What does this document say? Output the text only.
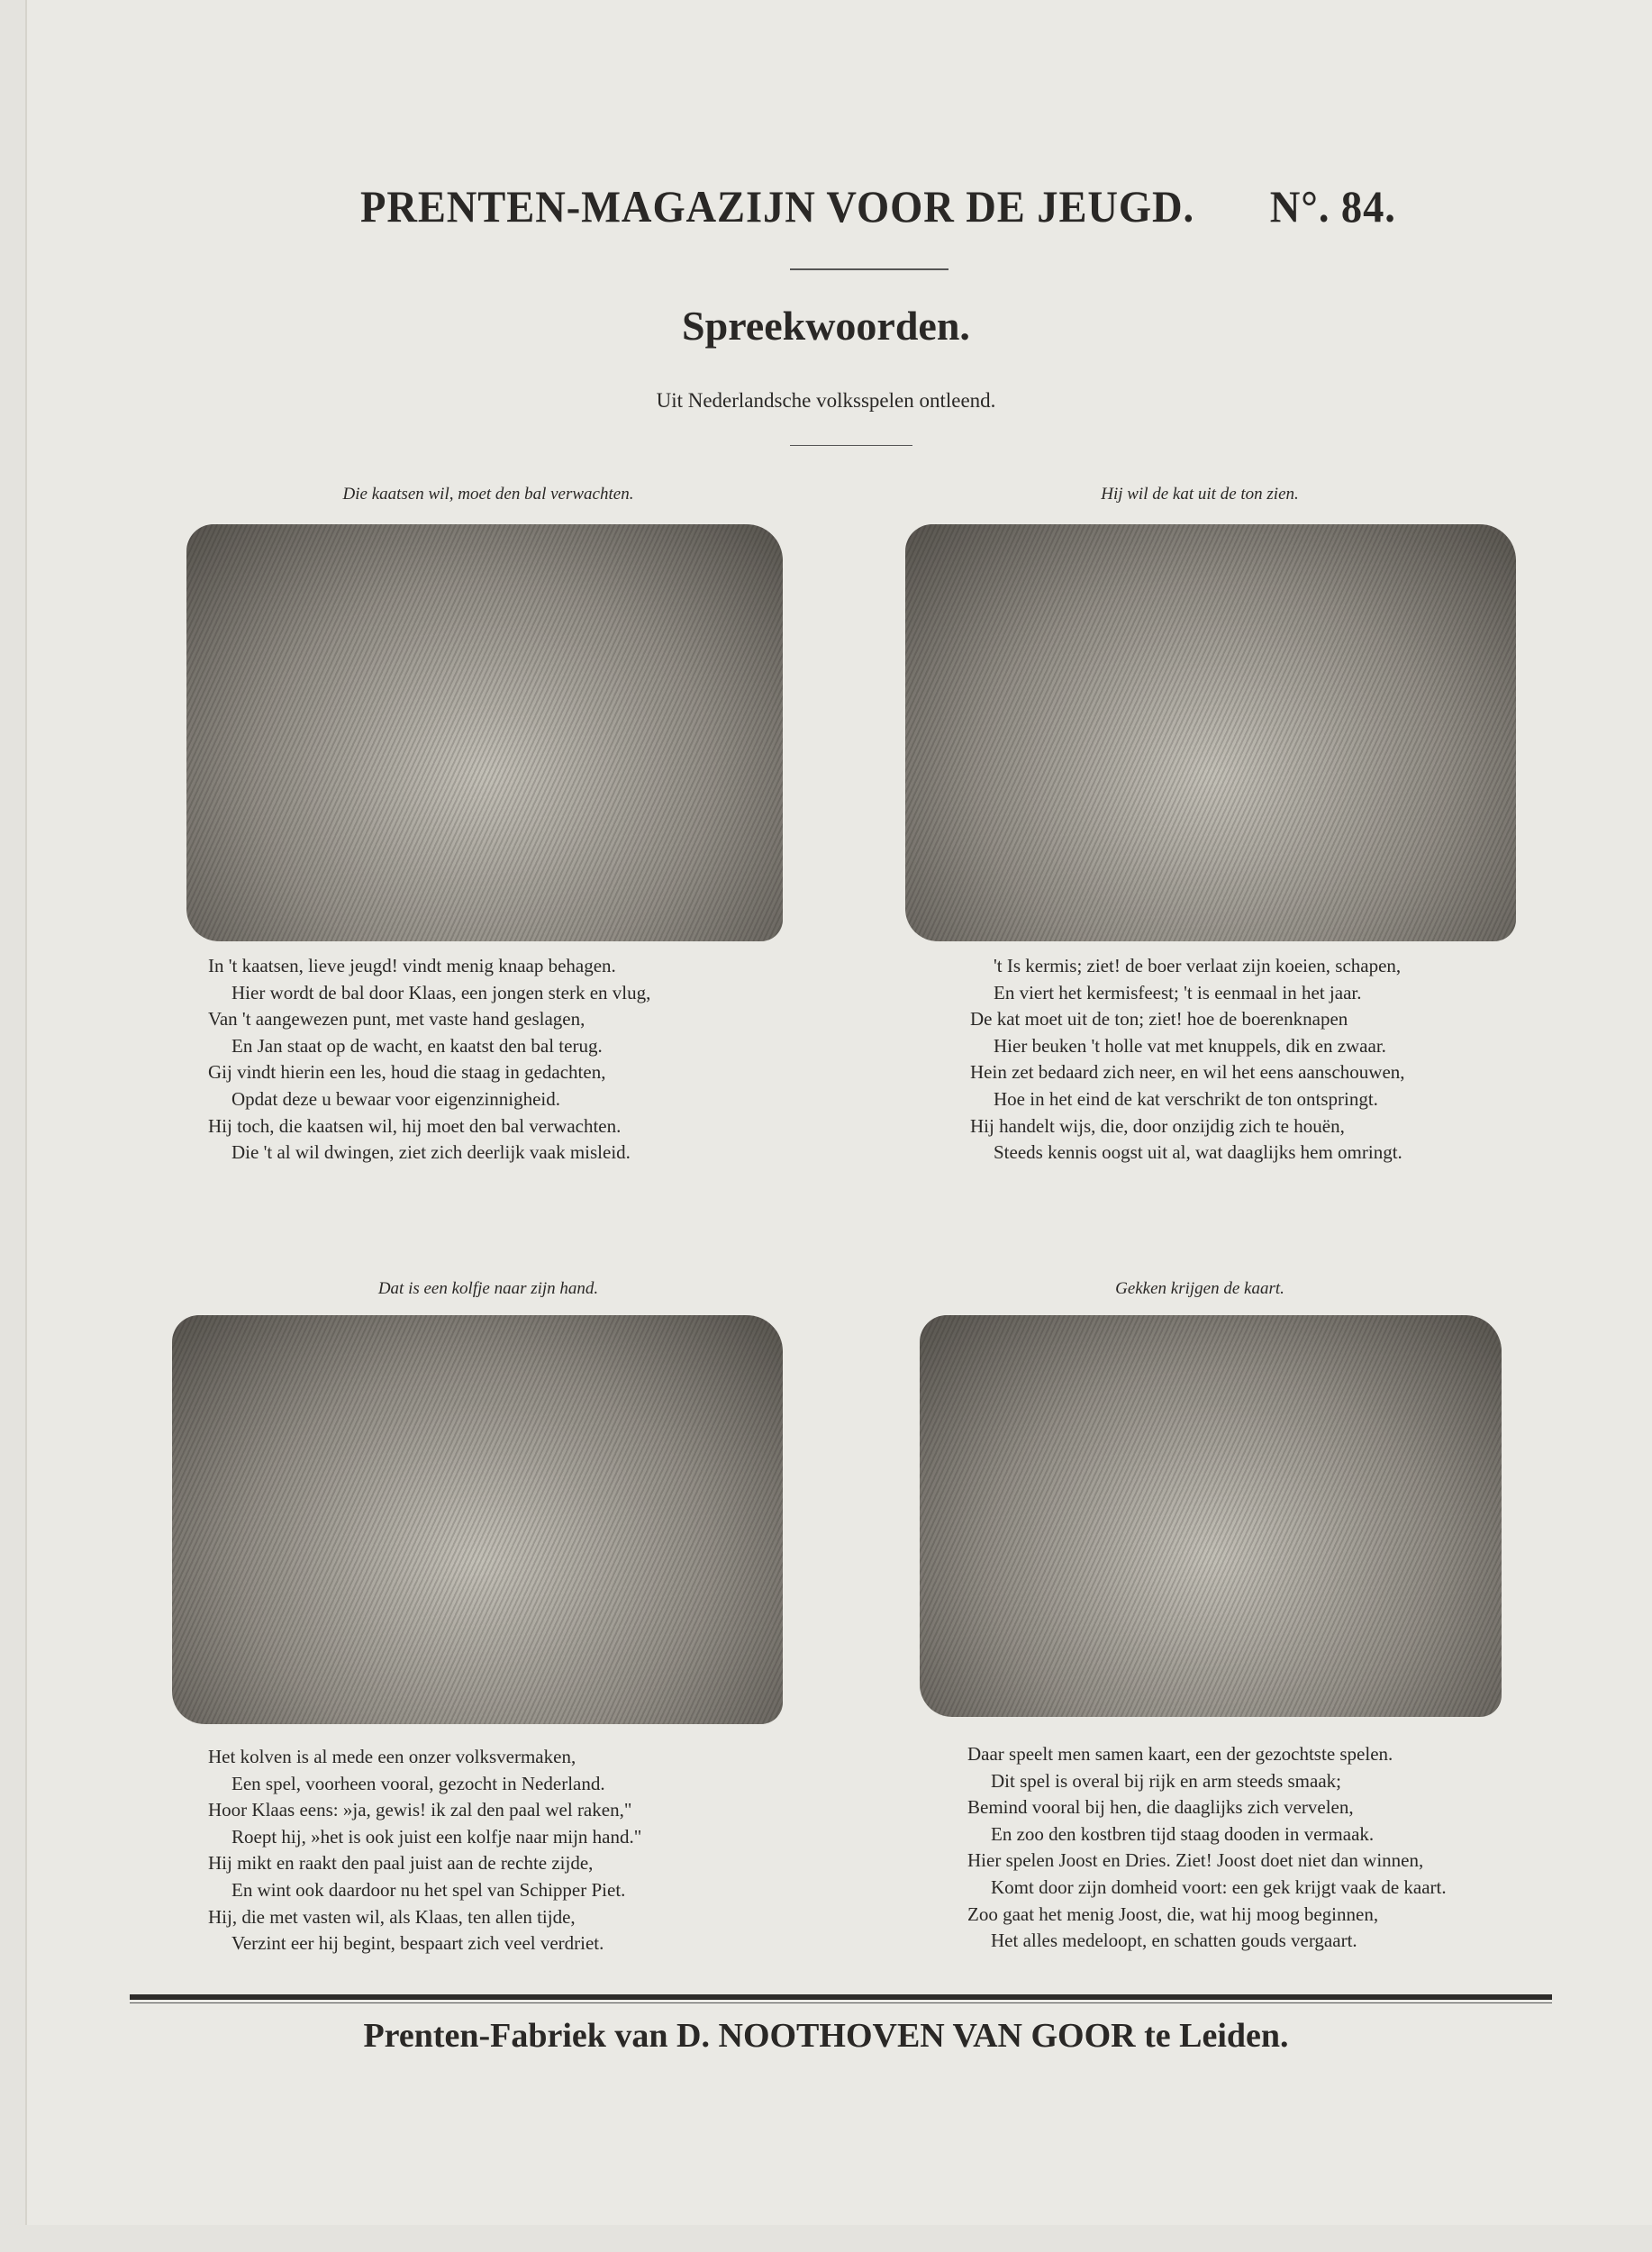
PRENTEN-MAGAZIJN VOOR DE JEUGD. N°. 84.
Spreekwoorden.
Uit Nederlandsche volksspelen ontleend.
Die kaatsen wil, moet den bal verwachten.
In 't kaatsen, lieve jeugd! vindt menig knaap behagen.
Hier wordt de bal door Klaas, een jongen sterk en vlug,
Van 't aangewezen punt, met vaste hand geslagen,
En Jan staat op de wacht, en kaatst den bal terug.
Gij vindt hierin een les, houd die staag in gedachten,
Opdat deze u bewaar voor eigenzinnigheid.
Hij toch, die kaatsen wil, hij moet den bal verwachten.
Die 't al wil dwingen, ziet zich deerlijk vaak misleid.
Hij wil de kat uit de ton zien.
't Is kermis; ziet! de boer verlaat zijn koeien, schapen,
En viert het kermisfeest; 't is eenmaal in het jaar.
De kat moet uit de ton; ziet! hoe de boerenknapen
Hier beuken 't holle vat met knuppels, dik en zwaar.
Hein zet bedaard zich neer, en wil het eens aanschouwen,
Hoe in het eind de kat verschrikt de ton ontspringt.
Hij handelt wijs, die, door onzijdig zich te houën,
Steeds kennis oogst uit al, wat daaglijks hem omringt.
Dat is een kolfje naar zijn hand.
Het kolven is al mede een onzer volksvermaken,
Een spel, voorheen vooral, gezocht in Nederland.
Hoor Klaas eens: »ja, gewis! ik zal den paal wel raken,"
Roept hij, »het is ook juist een kolfje naar mijn hand."
Hij mikt en raakt den paal juist aan de rechte zijde,
En wint ook daardoor nu het spel van Schipper Piet.
Hij, die met vasten wil, als Klaas, ten allen tijde,
Verzint eer hij begint, bespaart zich veel verdriet.
Gekken krijgen de kaart.
Daar speelt men samen kaart, een der gezochtste spelen.
Dit spel is overal bij rijk en arm steeds smaak;
Bemind vooral bij hen, die daaglijks zich vervelen,
En zoo den kostbren tijd staag dooden in vermaak.
Hier spelen Joost en Dries. Ziet! Joost doet niet dan winnen,
Komt door zijn domheid voort: een gek krijgt vaak de kaart.
Zoo gaat het menig Joost, die, wat hij moog beginnen,
Het alles medeloopt, en schatten gouds vergaart.
Prenten-Fabriek van D. NOOTHOVEN VAN GOOR te Leiden.
